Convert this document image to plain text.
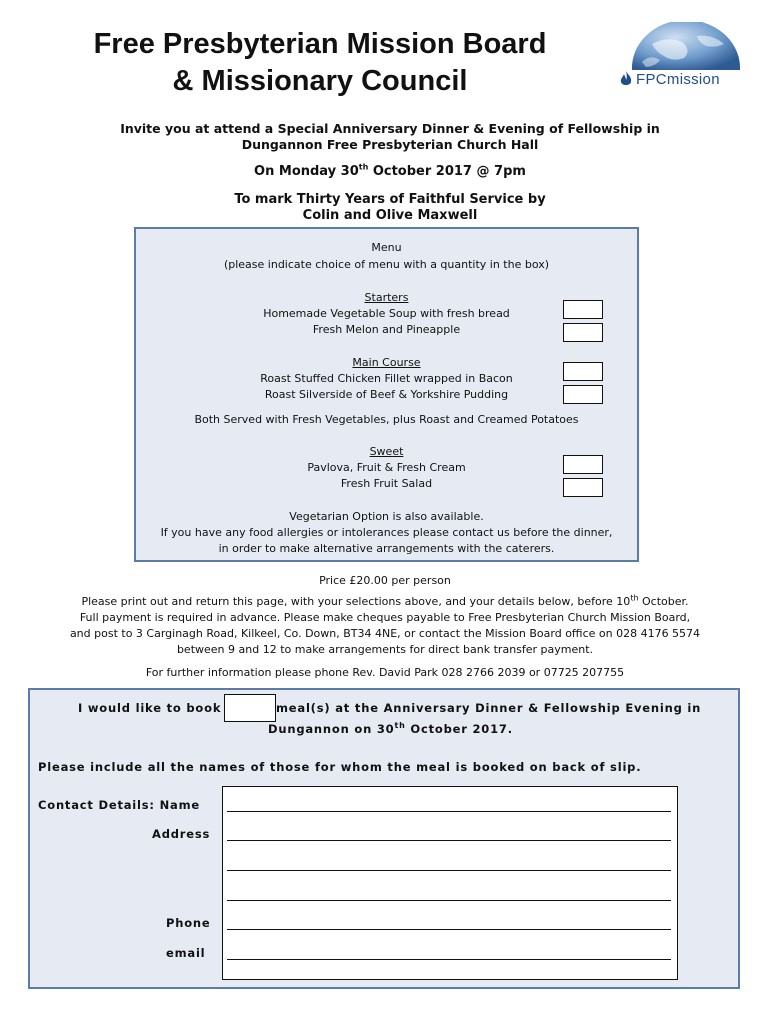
Free Presbyterian Mission Board
& Missionary Council	FPCmission
Invite you at attend a Special Anniversary Dinner & Evening of Fellowship in
Dungannon Free Presbyterian Church Hall
On Monday 30th October 2017 @ 7pm
To mark Thirty Years of Faithful Service by
Colin and Olive Maxwell
Menu
(please indicate choice of menu with a quantity in the box)
Starters
Homemade Vegetable Soup with fresh bread
Fresh Melon and Pineapple
Main Course
Roast Stuffed Chicken Fillet wrapped in Bacon
Roast Silverside of Beef & Yorkshire Pudding
Both Served with Fresh Vegetables, plus Roast and Creamed Potatoes
Sweet
Pavlova, Fruit & Fresh Cream
Fresh Fruit Salad
Vegetarian Option is also available.
If you have any food allergies or intolerances please contact us before the dinner,
in order to make alternative arrangements with the caterers.
Price £20.00 per person
Please print out and return this page, with your selections above, and your details below, before 10th October.
Full payment is required in advance. Please make cheques payable to Free Presbyterian Church Mission Board,
and post to 3 Carginagh Road, Kilkeel, Co. Down, BT34 4NE, or contact the Mission Board office on 028 4176 5574
between 9 and 12 to make arrangements for direct bank transfer payment.
For further information please phone Rev. David Park 028 2766 2039 or 07725 207755
I would like to book	meal(s) at the Anniversary Dinner & Fellowship Evening in
Dungannon on 30th October 2017.
Please include all the names of those for whom the meal is booked on back of slip.
Contact Details: Name
Address
Phone
email
